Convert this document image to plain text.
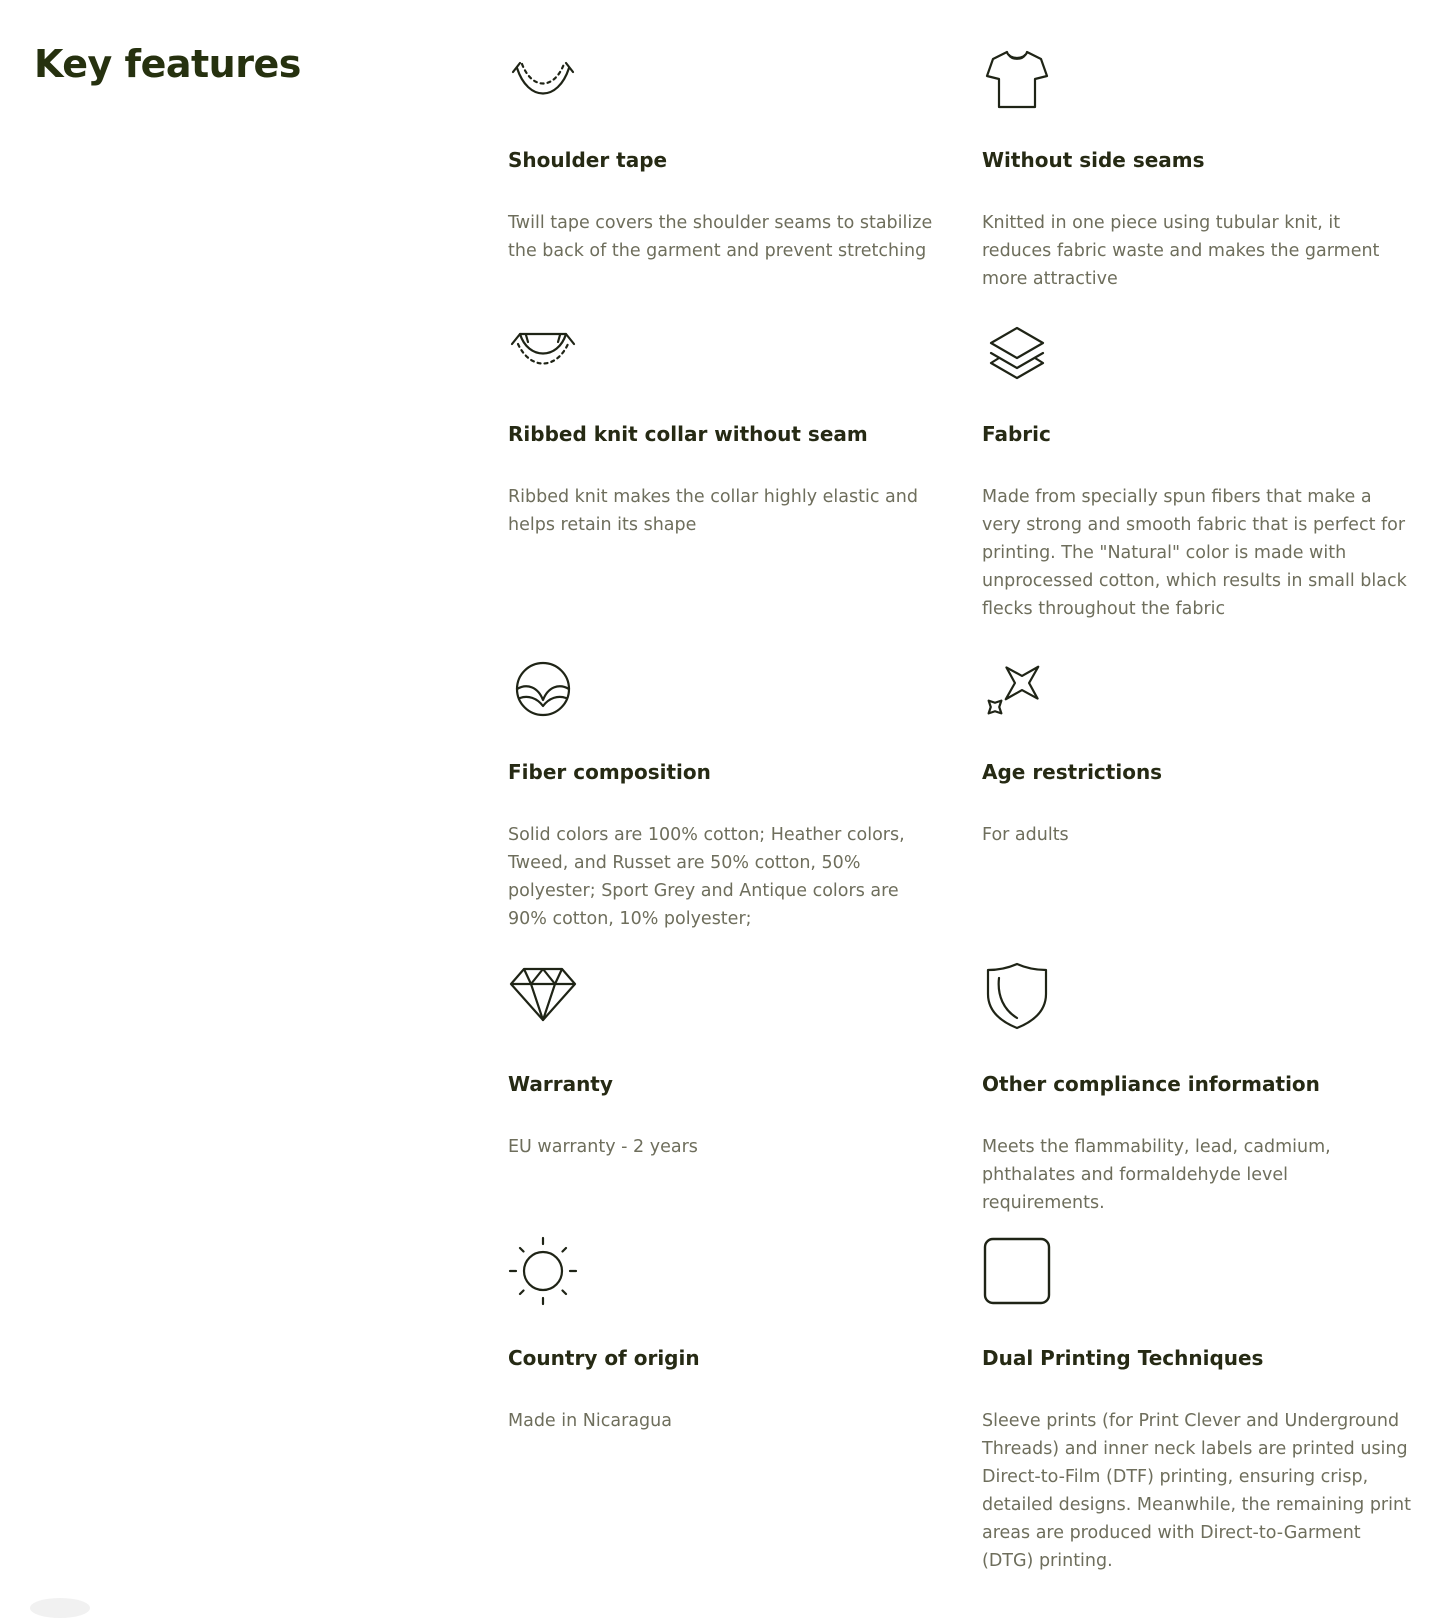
Key features
Shoulder tape

Twill tape covers the shoulder seams to stabilize the back of the garment and prevent stretching

Without side seams

Knitted in one piece using tubular knit, it reduces fabric waste and makes the garment more attractive

Ribbed knit collar without seam

Ribbed knit makes the collar highly elastic and helps retain its shape

Fabric

Made from specially spun fibers that make a very strong and smooth fabric that is perfect for printing. The "Natural" color is made with unprocessed cotton, which results in small black flecks throughout the fabric

Fiber composition

Solid colors are 100% cotton; Heather colors, Tweed, and Russet are 50% cotton, 50% polyester; Sport Grey and Antique colors are 90% cotton, 10% polyester;

Age restrictions

For adults

Warranty

EU warranty - 2 years

Other compliance information

Meets the flammability, lead, cadmium, phthalates and formaldehyde level requirements.

Country of origin

Made in Nicaragua

Dual Printing Techniques

Sleeve prints (for Print Clever and Underground Threads) and inner neck labels are printed using Direct-to-Film (DTF) printing, ensuring crisp, detailed designs. Meanwhile, the remaining print areas are produced with Direct-to-Garment (DTG) printing.
